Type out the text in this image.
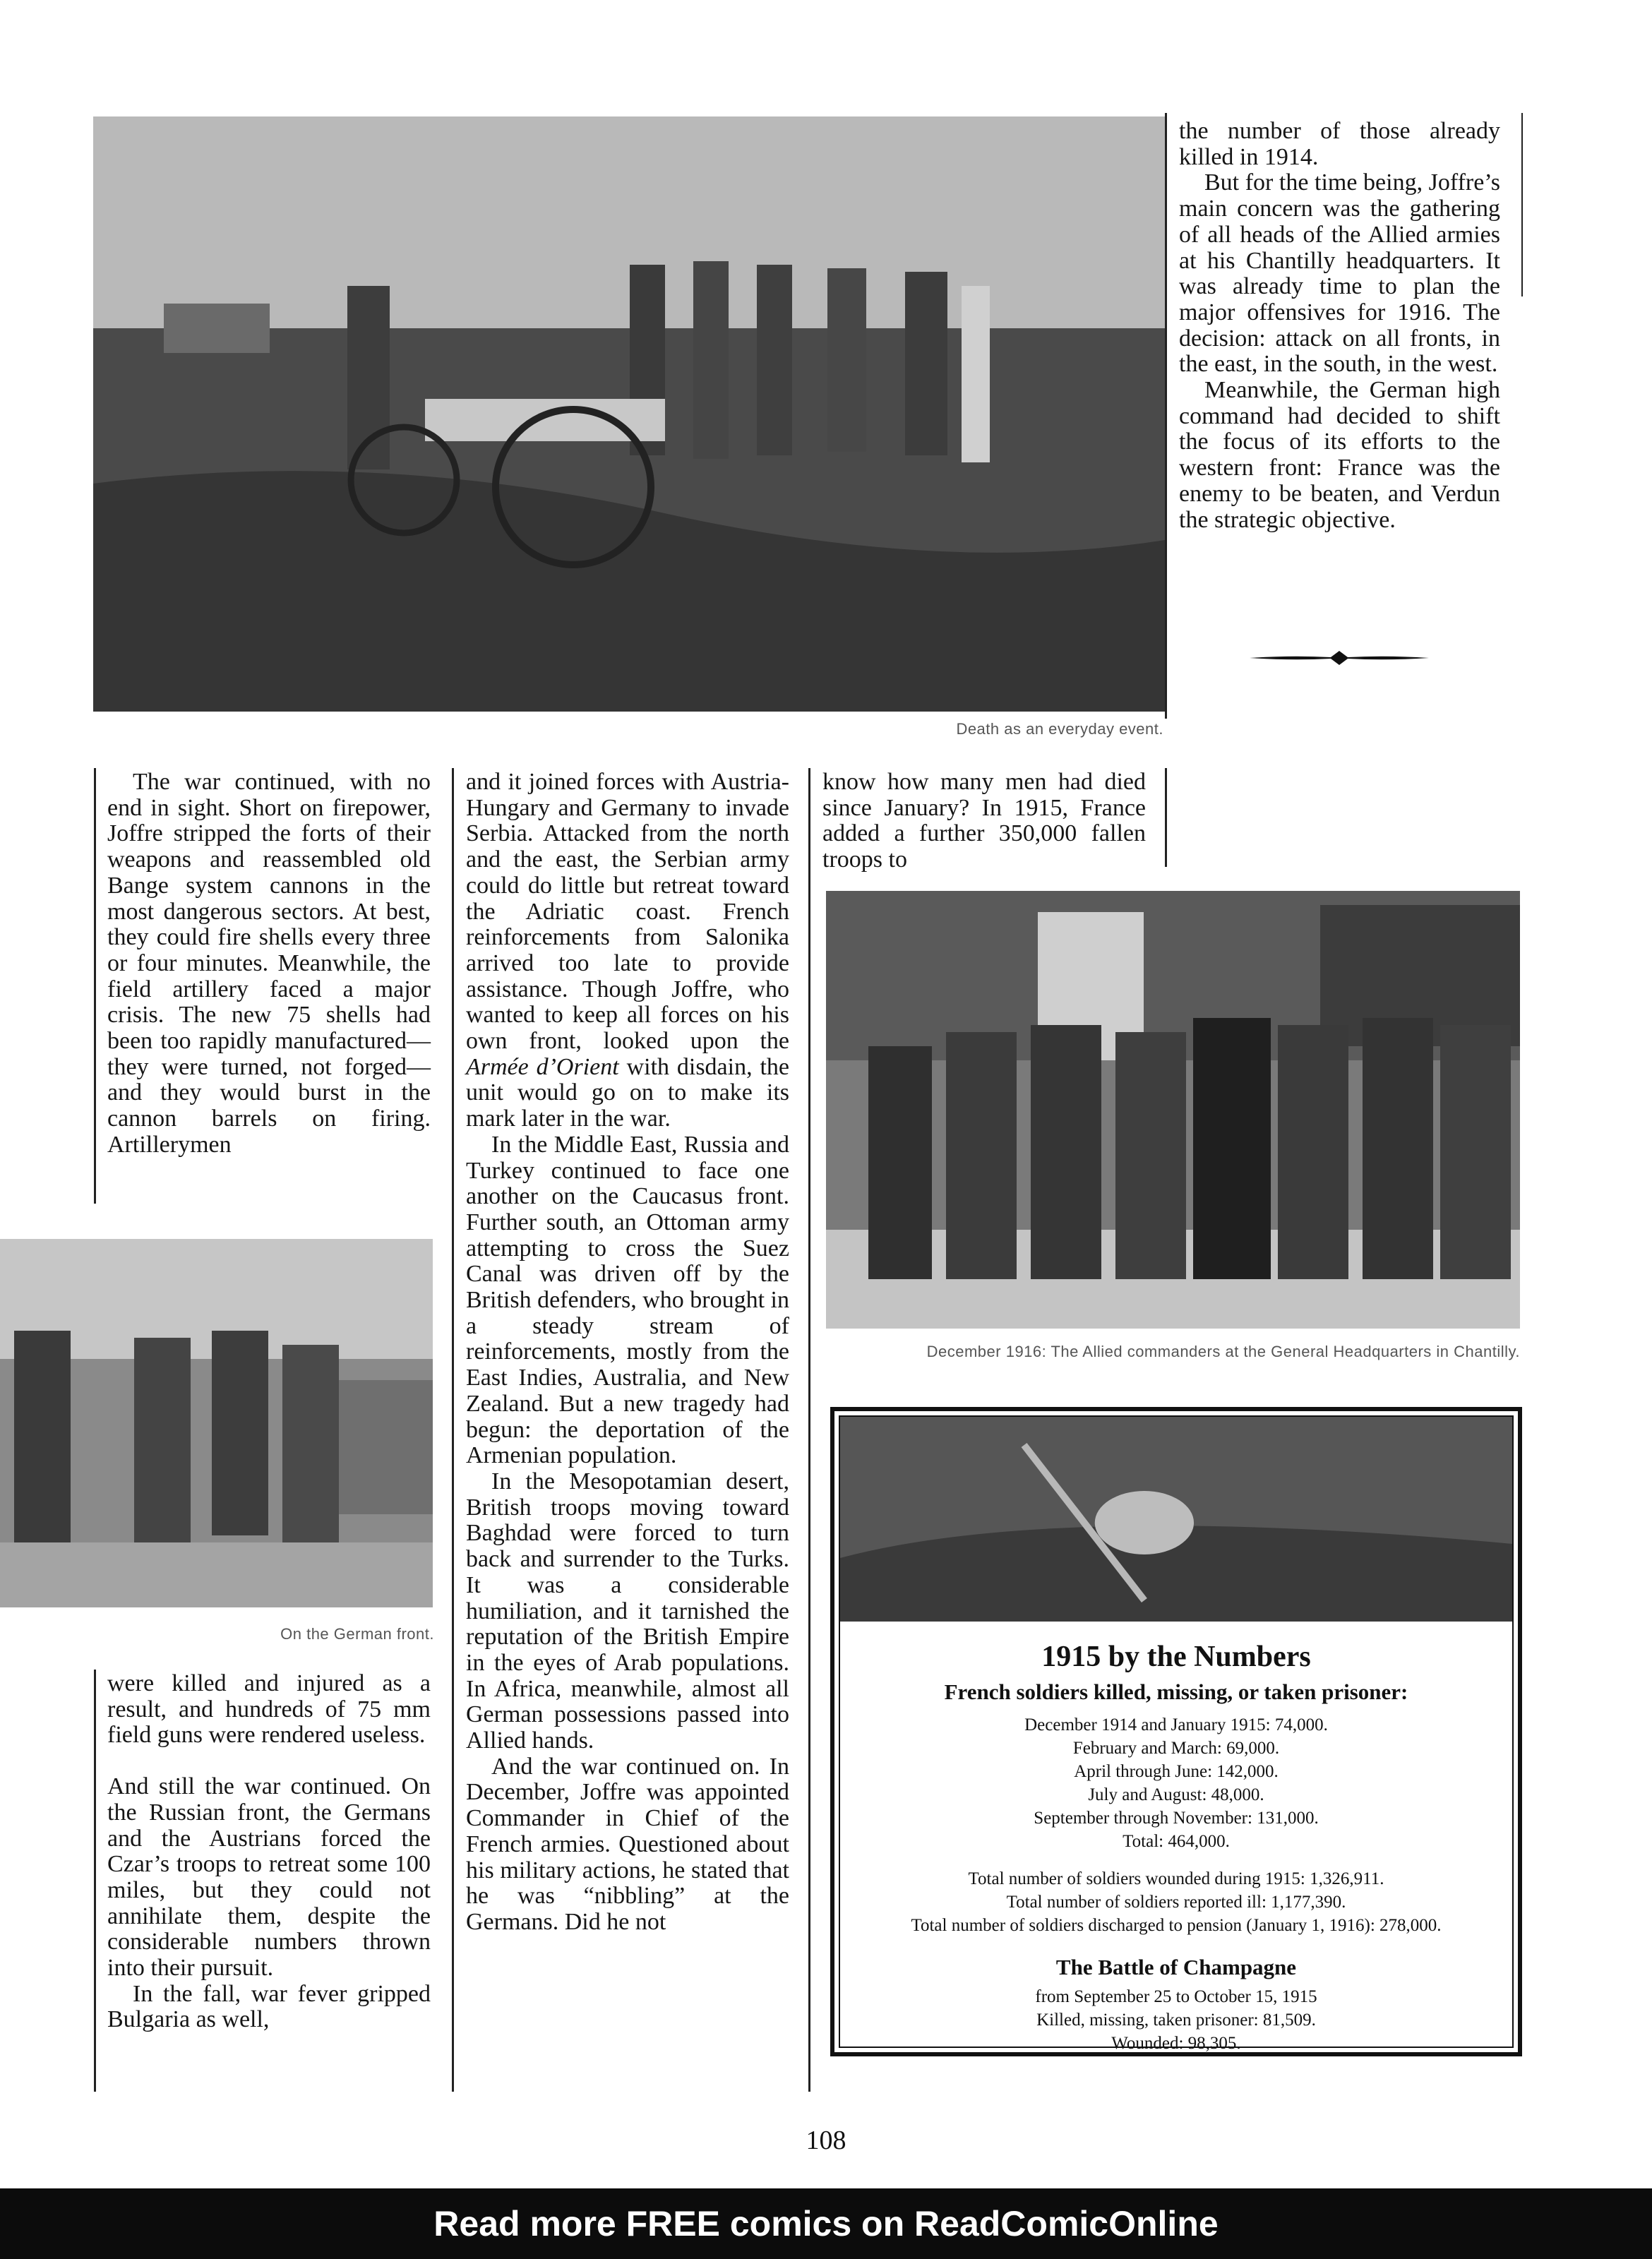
Death as an everyday event.

the number of those already killed in 1914.

But for the time being, Joffre’s main concern was the gathering of all heads of the Allied armies at his Chantilly headquarters. It was already time to plan the major offensives for 1916. The decision: attack on all fronts, in the east, in the south, in the west.

Meanwhile, the German high command had decided to shift the focus of its efforts to the western front: France was the enemy to be beaten, and Verdun the strategic objective.

The war continued, with no end in sight. Short on firepower, Joffre stripped the forts of their weapons and reassembled old Bange system cannons in the most dangerous sectors. At best, they could fire shells every three or four minutes. Meanwhile, the field artillery faced a major crisis. The new 75 shells had been too rapidly manufactured—they were turned, not forged—and they would burst in the cannon barrels on firing. Artillerymen

On the German front.

were killed and injured as a result, and hundreds of 75 mm field guns were rendered useless.

And still the war continued. On the Russian front, the Germans and the Austrians forced the Czar’s troops to retreat some 100 miles, but they could not annihilate them, despite the considerable numbers thrown into their pursuit.

In the fall, war fever gripped Bulgaria as well,

and it joined forces with Austria-Hungary and Germany to invade Serbia. Attacked from the north and the east, the Serbian army could do little but retreat toward the Adriatic coast. French reinforcements from Salonika arrived too late to provide assistance. Though Joffre, who wanted to keep all forces on his own front, looked upon the Armée d’Orient with disdain, the unit would go on to make its mark later in the war.

In the Middle East, Russia and Turkey continued to face one another on the Caucasus front. Further south, an Ottoman army attempting to cross the Suez Canal was driven off by the British defenders, who brought in a steady stream of reinforcements, mostly from the East Indies, Australia, and New Zealand. But a new tragedy had begun: the deportation of the Armenian population.

In the Mesopotamian desert, British troops moving toward Baghdad were forced to turn back and surrender to the Turks. It was a considerable humiliation, and it tarnished the reputation of the British Empire in the eyes of Arab populations. In Africa, meanwhile, almost all German possessions passed into Allied hands.

And the war continued on. In December, Joffre was appointed Commander in Chief of the French armies. Questioned about his military actions, he stated that he was “nibbling” at the Germans. Did he not

know how many men had died since January? In 1915, France added a further 350,000 fallen troops to

December 1916: The Allied commanders at the General Headquarters in Chantilly.
1915 by the Numbers
French soldiers killed, missing, or taken prisoner:
December 1914 and January 1915: 74,000.
February and March: 69,000.
April through June: 142,000.
July and August: 48,000.
September through November: 131,000.
Total: 464,000.
Total number of soldiers wounded during 1915: 1,326,911.
Total number of soldiers reported ill: 1,177,390.
Total number of soldiers discharged to pension (January 1, 1916): 278,000.
The Battle of Champagne
from September 25 to October 15, 1915
Killed, missing, taken prisoner: 81,509.
Wounded: 98,305.
108
Read more FREE comics on ReadComicOnline
